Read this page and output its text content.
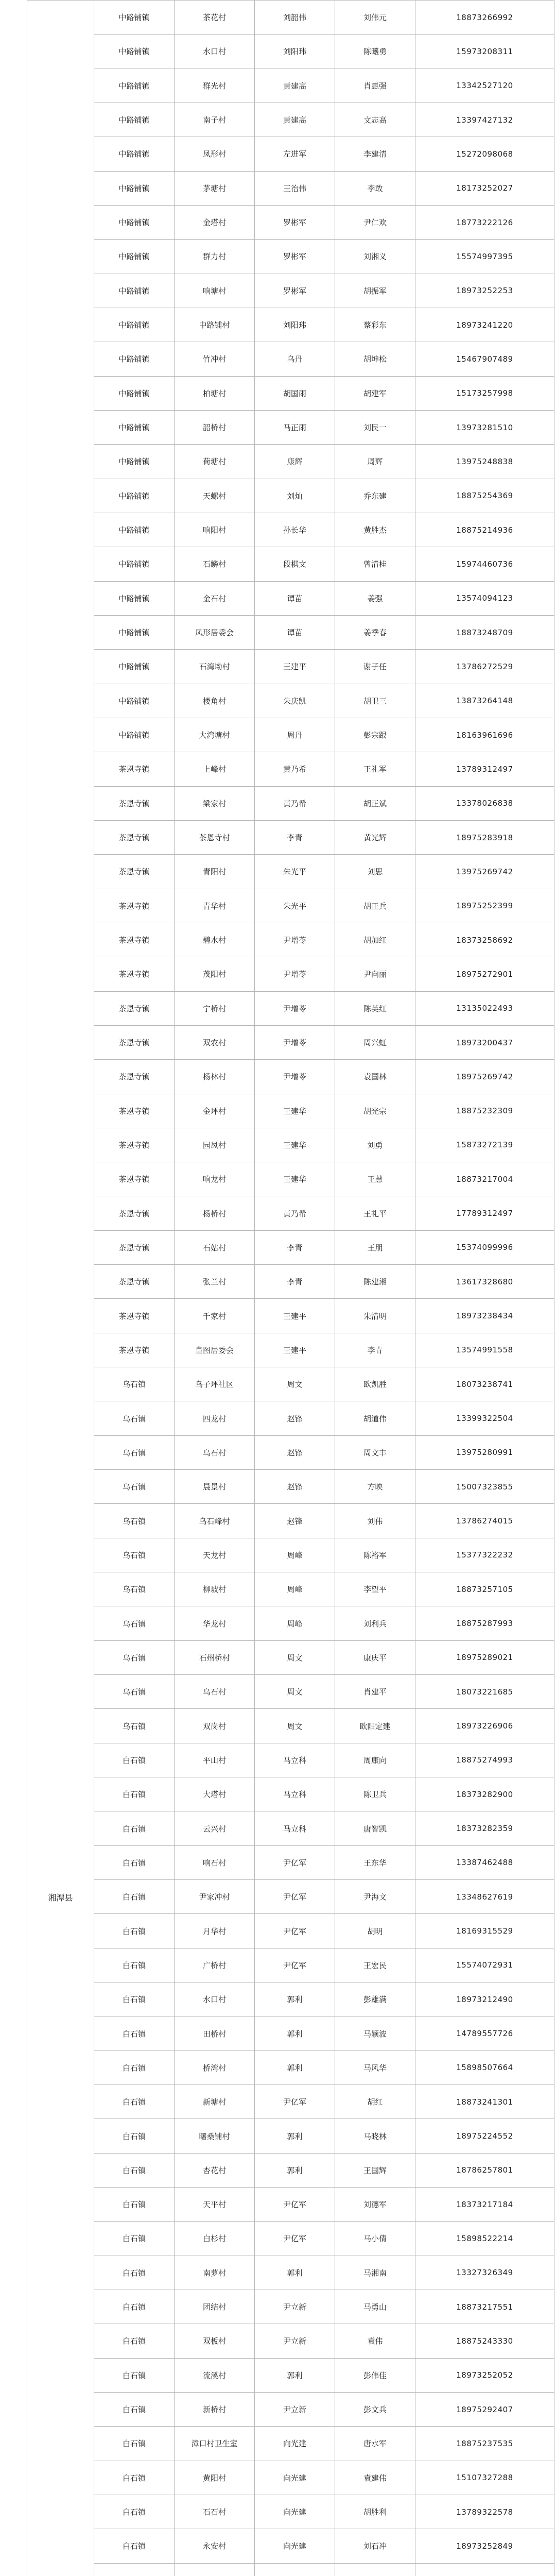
湘潭县	中路铺镇	茶花村	刘韶伟	刘伟元	18873266992
	中路铺镇	水口村	刘阳玮	陈曦勇	15973208311
	中路铺镇	群光村	黄建高	肖惠强	13342527120
	中路铺镇	南子村	黄建高	文志高	13397427132
	中路铺镇	凤形村	左进军	李建清	15272098068
	中路铺镇	茅塘村	王治伟	李敢	18173252027
	中路铺镇	金塔村	罗彬军	尹仁欢	18773222126
	中路铺镇	群力村	罗彬军	刘湘义	15574997395
	中路铺镇	响塘村	罗彬军	胡振军	18973252253
	中路铺镇	中路铺村	刘阳玮	蔡彩东	18973241220
	中路铺镇	竹冲村	乌丹	胡坤松	15467907489
	中路铺镇	柏塘村	胡国雨	胡建军	15173257998
	中路铺镇	韶桥村	马正雨	刘民一	13973281510
	中路铺镇	荷塘村	康辉	周辉	13975248838
	中路铺镇	天螺村	刘灿	乔东建	18875254369
	中路铺镇	响阳村	孙长华	黄胜杰	18875214936
	中路铺镇	石鳞村	段棋文	曾清桂	15974460736
	中路铺镇	金石村	谭苗	姜强	13574094123
	中路铺镇	凤形居委会	谭苗	姜季春	18873248709
	中路铺镇	石湾坳村	王建平	谢子任	13786272529
	中路铺镇	楼角村	朱庆凯	胡卫三	13873264148
	中路铺镇	大湾塘村	周丹	彭宗跟	18163961696
	茶恩寺镇	上峰村	黄乃希	王礼军	13789312497
	茶恩寺镇	梁家村	黄乃希	胡正斌	13378026838
	茶恩寺镇	茶恩寺村	李青	黄光辉	18975283918
	茶恩寺镇	青阳村	朱光平	刘思	13975269742
	茶恩寺镇	青华村	朱光平	胡正兵	18975252399
	茶恩寺镇	碧水村	尹增苓	胡加红	18373258692
	茶恩寺镇	茂阳村	尹增苓	尹向丽	18975272901
	茶恩寺镇	宁桥村	尹增苓	陈英红	13135022493
	茶恩寺镇	双农村	尹增苓	周兴虹	18973200437
	茶恩寺镇	杨林村	尹增苓	袁国林	18975269742
	茶恩寺镇	金坪村	王建华	胡光宗	18875232309
	茶恩寺镇	园凤村	王建华	刘勇	15873272139
	茶恩寺镇	响龙村	王建华	王慧	18873217004
	茶恩寺镇	杨桥村	黄乃希	王礼平	17789312497
	茶恩寺镇	石姑村	李青	王朋	15374099996
	茶恩寺镇	张兰村	李青	陈建湘	13617328680
	茶恩寺镇	千家村	王建平	朱清明	18973238434
	茶恩寺镇	皇图居委会	王建平	李青	13574991558
	乌石镇	乌子坪社区	周文	欧凯胜	18073238741
	乌石镇	四龙村	赵锋	胡道伟	13399322504
	乌石镇	乌石村	赵锋	周文丰	13975280991
	乌石镇	晨景村	赵锋	方映	15007323855
	乌石镇	乌石峰村	赵锋	刘伟	13786274015
	乌石镇	天龙村	周峰	陈裕军	15377322232
	乌石镇	柳坡村	周峰	李望平	18873257105
	乌石镇	华龙村	周峰	刘利兵	18875287993
	乌石镇	石州桥村	周文	康庆平	18975289021
	乌石镇	乌石村	周文	肖建平	18073221685
	乌石镇	双岗村	周文	欧阳定建	18973226906
	白石镇	平山村	马立科	周康向	18875274993
	白石镇	大塔村	马立科	陈卫兵	18373282900
	白石镇	云兴村	马立科	唐智凯	18373282359
	白石镇	响石村	尹亿军	王东华	13387462488
	白石镇	尹家冲村	尹亿军	尹海文	13348627619
	白石镇	月华村	尹亿军	胡明	18169315529
	白石镇	广桥村	尹亿军	王宏民	15574072931
	白石镇	水口村	郭利	彭雄满	18973212490
	白石镇	田桥村	郭利	马颖波	14789557726
	白石镇	桥湾村	郭利	马风华	15898507664
	白石镇	新塘村	尹亿军	胡红	18873241301
	白石镇	曙桑铺村	郭利	马晓林	18975224552
	白石镇	杏花村	郭利	王国辉	18786257801
	白石镇	天平村	尹亿军	刘德军	18373217184
	白石镇	白杉村	尹亿军	马小倩	15898522214
	白石镇	南萝村	郭利	马湘南	13327326349
	白石镇	团结村	尹立新	马勇山	18873217551
	白石镇	双板村	尹立新	袁伟	18875243330
	白石镇	流溪村	郭利	彭伟佳	18973252052
	白石镇	新桥村	尹立新	彭文兵	18975292407
	白石镇	漳口村卫生室	向光建	唐水军	18875237535
	白石镇	黄阳村	向光建	袁建伟	15107327288
	白石镇	石石村	向光建	胡胜利	13789322578
	白石镇	永安村	向光建	刘石冲	18973252849
